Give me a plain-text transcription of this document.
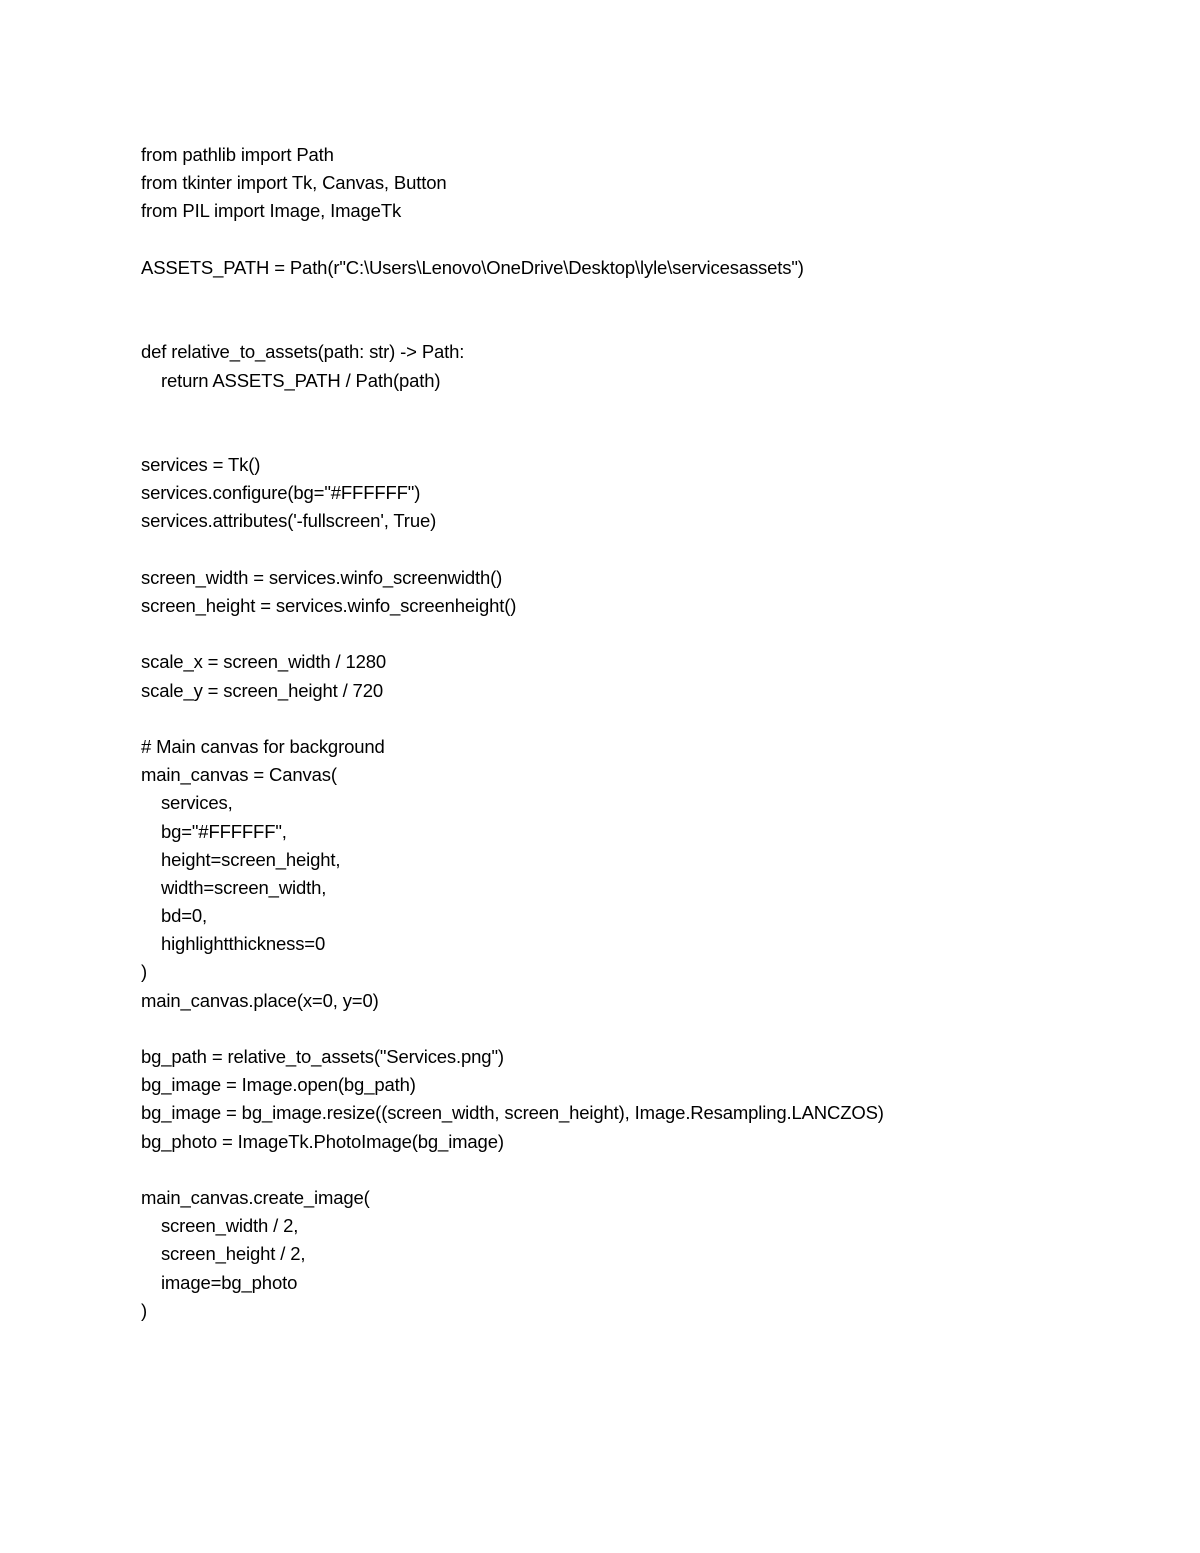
from pathlib import Path
from tkinter import Tk, Canvas, Button
from PIL import Image, ImageTk
ASSETS_PATH = Path(r"C:\Users\Lenovo\OneDrive\Desktop\lyle\servicesassets")
def relative_to_assets(path: str) -> Path:
return ASSETS_PATH / Path(path)
services = Tk()
services.configure(bg="#FFFFFF")
services.attributes('-fullscreen', True)
screen_width = services.winfo_screenwidth()
screen_height = services.winfo_screenheight()
scale_x = screen_width / 1280
scale_y = screen_height / 720
# Main canvas for background
main_canvas = Canvas(
services,
bg="#FFFFFF",
height=screen_height,
width=screen_width,
bd=0,
highlightthickness=0
)
main_canvas.place(x=0, y=0)
bg_path = relative_to_assets("Services.png")
bg_image = Image.open(bg_path)
bg_image = bg_image.resize((screen_width, screen_height), Image.Resampling.LANCZOS)
bg_photo = ImageTk.PhotoImage(bg_image)
main_canvas.create_image(
screen_width / 2,
screen_height / 2,
image=bg_photo
)
